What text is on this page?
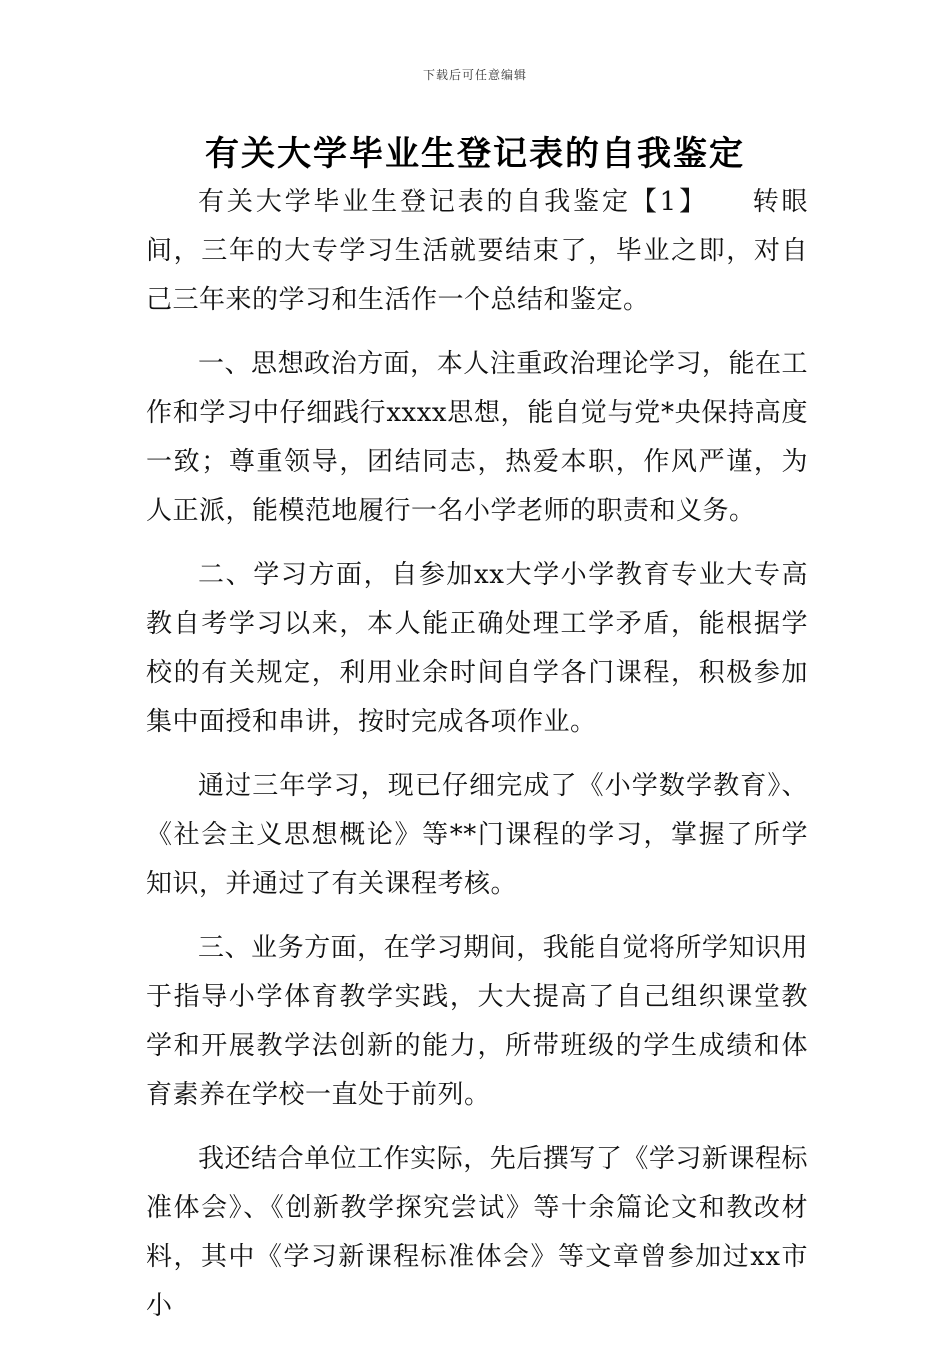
下载后可任意编辑
有关大学毕业生登记表的自我鉴定

有关大学毕业生登记表的自我鉴定【1】　　转眼间，三年的大专学习生活就要结束了，毕业之即，对自己三年来的学习和生活作一个总结和鉴定。

一、思想政治方面，本人注重政治理论学习，能在工作和学习中仔细践行xxxx思想，能自觉与党*央保持高度一致；尊重领导，团结同志，热爱本职，作风严谨，为人正派，能模范地履行一名小学老师的职责和义务。

二、学习方面，自参加xx大学小学教育专业大专高教自考学习以来，本人能正确处理工学矛盾，能根据学校的有关规定，利用业余时间自学各门课程，积极参加集中面授和串讲，按时完成各项作业。

通过三年学习，现已仔细完成了《小学数学教育》、《社会主义思想概论》等**门课程的学习，掌握了所学知识，并通过了有关课程考核。

三、业务方面，在学习期间，我能自觉将所学知识用于指导小学体育教学实践，大大提高了自己组织课堂教学和开展教学法创新的能力，所带班级的学生成绩和体育素养在学校一直处于前列。

我还结合单位工作实际，先后撰写了《学习新课程标准体会》、《创新教学探究尝试》等十余篇论文和教改材料，其中《学习新课程标准体会》等文章曾参加过xx市小
